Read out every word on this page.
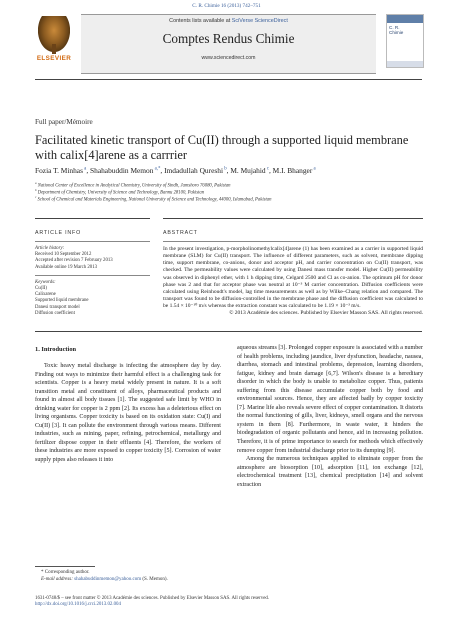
C. R. Chimie 16 (2013) 742–751
ELSEVIER
Contents lists available at SciVerse ScienceDirect
Comptes Rendus Chimie
www.sciencedirect.com
C. R.
Chimie
Full paper/Mémoire
Facilitated kinetic transport of Cu(II) through a supported liquid membrane with calix[4]arene as a carrrier
Fozia T. Minhas $^a$, Shahabuddin Memon $^{a,*}$, Imdadullah Qureshi $^b$, M. Mujahid $^c$, M.I. Bhanger $^a$
$^a$ National Center of Excellence in Analytical Chemistry, University of Sindh, Jamshoro 76080, Pakistan
$^b$ Department of Chemistry, University of Science and Technology, Bannu 28100, Pakistan
$^c$ School of Chemical and Materials Engineering, National University of Science and Technology, 44000, Islamabad, Pakistan
ARTICLE INFO
Article history:
Received 10 September 2012
Accepted after revision 7 February 2013
Available online 19 March 2013
Keywords:
Cu(II)
Calixarene
Supported liquid membrane
Danesi transport model
Diffusion coefficient
ABSTRACT
In the present investigation, p-morpholinomethylcalix[4]arene (1) has been examined as a carrier in supported liquid membrane (SLM) for Cu(II) transport. The influence of different parameters, such as solvent, membrane dipping time, support membrane, co-anions, donor and acceptor pH, and carrier concentration on Cu(II) transport, was checked. The permeability values were calculated by using Danesi mass transfer model. Higher Cu(II) permeability was observed in diphenyl ether, with 1 h dipping time, Celgard 2500 and Cl as co-anion. The optimum pH for donor phase was 2 and that for acceptor phase was neutral at 10⁻³ M carrier concentration. Diffusion coefficients were calculated using Reinhoudt's model, lag time measurements as well as by Wilke–Chang relation and compared. The transport was found to be diffusion-controlled in the membrane phase and the diffusion coefficient was calculated to be 1.54 × 10⁻¹⁰ m/s whereas the extraction constant was calculated to be 1.19 × 10⁻³ m/s.
© 2013 Académie des sciences. Published by Elsevier Masson SAS. All rights reserved.
1. Introduction

Toxic heavy metal discharge is infecting the atmosphere day by day. Finding out ways to minimize their harmful effect is a challenging task for scientists. Copper is a heavy metal widely present in nature. It is a soft transition metal and constituent of alloys, pharmaceutical products and found in almost all body tissues [1]. The suggested safe limit by WHO in drinking water for copper is 2 ppm [2]. Its excess has a deleterious effect on living organisms. Copper toxicity is based on its oxidation state: Cu(I) and Cu(II) [3]. It can pollute the environment through various means. Different industries, such as mining, paper, refining, petrochemical, metallurgy and fertilizer dispose copper in their effluents [4]. Therefore, the workers of these industries are more exposed to copper toxicity [5]. Corrosion of water supply pipes also releases it into

aqueous streams [3]. Prolonged copper exposure is associated with a number of health problems, including jaundice, liver dysfunction, headache, nausea, diarrhea, stomach and intestinal problems, depression, learning disorders, fatigue, kidney and brain damage [6,7]. Wilson's disease is a hereditary disorder in which the body is unable to metabolize copper. Thus, patients suffering from this disease accumulate copper both by food and environmental sources. Hence, they are affected badly by copper toxicity [7]. Marine life also reveals severe effect of copper contamination. It distorts the normal functioning of gills, liver, kidneys, smell organs and the nervous system in them [8]. Furthermore, in waste water, it hinders the biodegradation of organic pollutants and hence, aid in increasing pollution. Therefore, it is of prime importance to search for methods which effectively remove copper from industrial discharge prior to its dumping [9].

Among the numerous techniques applied to eliminate copper from the atmosphere are biosorption [10], adsorption [11], ion exchange [12], electrochemical treatment [13], chemical precipitation [14] and solvent extraction

* Corresponding author.
E-mail address: shahabuddinmemon@yahoo.com (S. Memon).
1631-0748/$ – see front matter © 2013 Académie des sciences. Published by Elsevier Masson SAS. All rights reserved.
http://dx.doi.org/10.1016/j.crci.2013.02.004
